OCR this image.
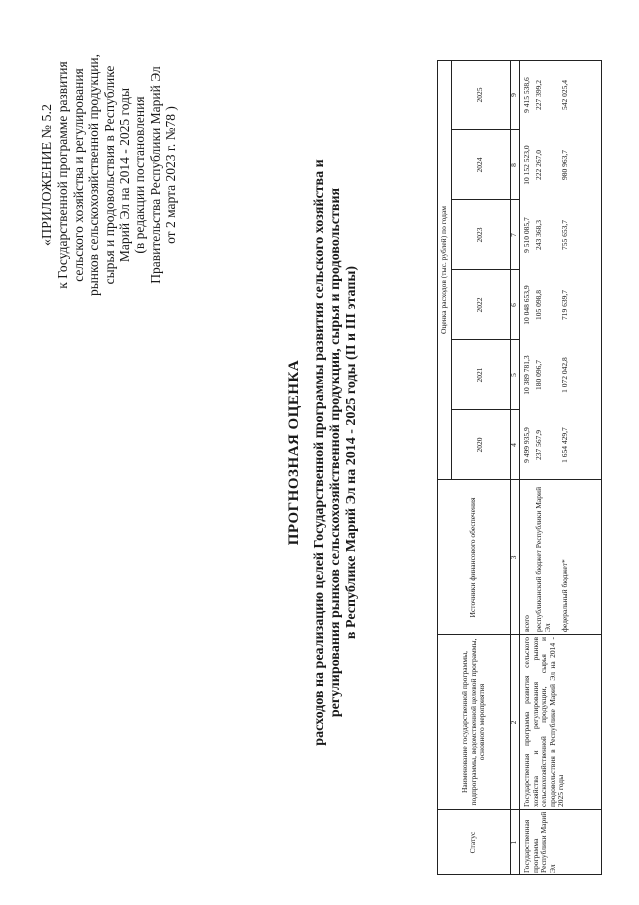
«ПРИЛОЖЕНИЕ № 5.2 к Государственной программе развития сельского хозяйства и регулирования рынков сельскохозяйственной продукции, сырья и продовольствия в Республике Марий Эл на 2014 - 2025 годы (в редакции постановления Правительства Республики Марий Эл от 2 марта 2023 г. №78 )
ПРОГНОЗНАЯ ОЦЕНКА расходов на реализацию целей Государственной программы развития сельского хозяйства и регулирования рынков сельскохозяйственной продукции, сырья и продовольствия в Республике Марий Эл на 2014 - 2025 годы (II и III этапы)
Статус
Наименование государственной программы, подпрограммы, ведомственной целевой программы, основного мероприятия
Источники финансового обеспечения
Оценка расходов (тыс. рублей) по годам
2020
2021
2022
2023
2024
2025
1
2
3
4
5
6
7
8
9
Государственная программа Республики Марий Эл
Государственная программа развития сельского хозяйства и регулирования рынков сельскохозяйственной продукции, сырья и продовольствия в Республике Марий Эл на 2014 - 2025 годы
всего
9 499 935,9
10 389 781,3
10 048 653,9
9 510 085,7
10 152 523,0
9 415 538,6
республиканский бюджет Республики Марий Эл
237 567,9
180 096,7
105 098,8
243 368,3
222 267,0
227 399,2
федеральный бюджет*
1 654 429,7
1 072 042,8
719 639,7
755 653,7
980 963,7
542 025,4
